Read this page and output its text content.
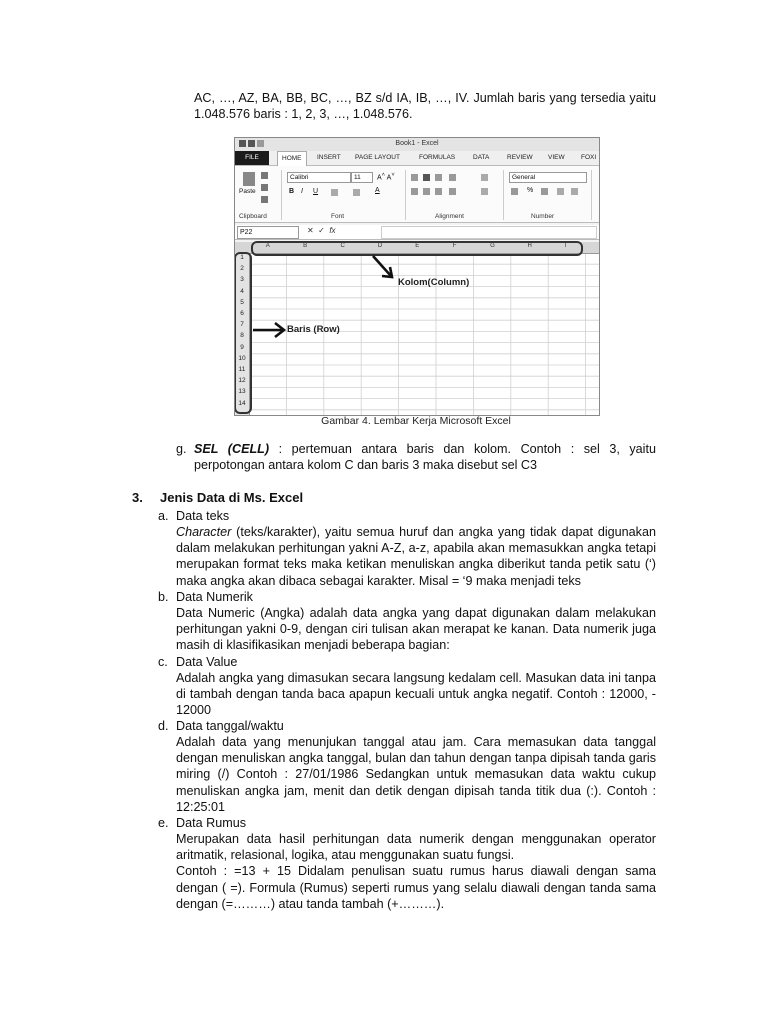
AC, …, AZ, BA, BB, BC, …, BZ s/d IA, IB, …, IV. Jumlah baris yang tersedia yaitu 1.048.576 baris : 1, 2, 3, …, 1.048.576.
Book1 - Excel
FILE	HOME	INSERT PAGE LAYOUT	FORMULAS	DATA	REVIEW VIEW	FOXI
Paste
Clipboard
Calibri	11	A˄ A˅
B I U	A
Font	Alignment
General
%
Number
P22	✕ ✓ fx
A	B	C	D	E	F	G	H	I
1
2
3
4
5
6
7
8
9
10
11
12
13
14
Kolom(Column)
Baris (Row)
Gambar 4. Lembar Kerja Microsoft Excel
g. SEL (CELL) : pertemuan antara baris dan kolom. Contoh : sel 3, yaitu perpotongan antara kolom C dan baris 3 maka disebut sel C3
3. Jenis Data di Ms. Excel
a. Data teks
Character (teks/karakter), yaitu semua huruf dan angka yang tidak dapat digunakan dalam melakukan perhitungan yakni A-Z, a-z, apabila akan memasukkan angka tetapi merupakan format teks maka ketikan menuliskan angka diberikut tanda petik satu (‘) maka angka akan dibaca sebagai karakter. Misal = ‘9 maka menjadi teks
b. Data Numerik
Data Numeric (Angka) adalah data angka yang dapat digunakan dalam melakukan perhitungan yakni 0-9, dengan ciri tulisan akan merapat ke kanan. Data numerik juga masih di klasifikasikan menjadi beberapa bagian:
c. Data Value
Adalah angka yang dimasukan secara langsung kedalam cell. Masukan data ini tanpa di tambah dengan tanda baca apapun kecuali untuk angka negatif. Contoh : 12000, - 12000
d. Data tanggal/waktu
Adalah data yang menunjukan tanggal atau jam. Cara memasukan data tanggal dengan menuliskan angka tanggal, bulan dan tahun dengan tanpa dipisah tanda garis miring (/) Contoh : 27/01/1986 Sedangkan untuk memasukan data waktu cukup menuliskan angka jam, menit dan detik dengan dipisah tanda titik dua (:). Contoh : 12:25:01
e. Data Rumus

Merupakan data hasil perhitungan data numerik dengan menggunakan operator aritmatik, relasional, logika, atau menggunakan suatu fungsi.

Contoh : =13 + 15 Didalam penulisan suatu rumus harus diawali dengan sama dengan ( =). Formula (Rumus) seperti rumus yang selalu diawali dengan tanda sama dengan (=………) atau tanda tambah (+………).
